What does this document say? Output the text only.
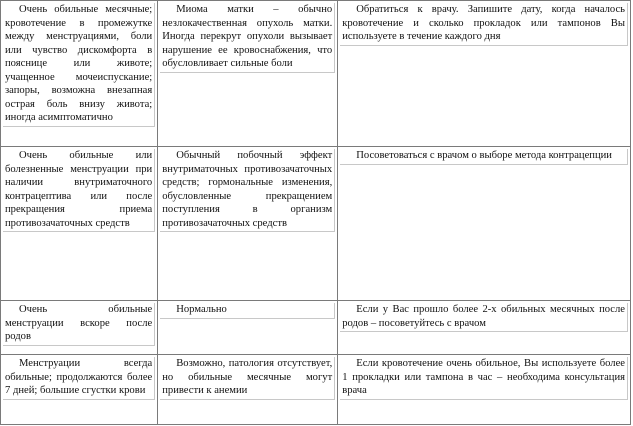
Очень обильные месячные; кровотечение в промежутке между менструациями, боли или чувство дискомфорта в пояснице или животе; учащенное мочеиспускание; запоры, возможна внезапная острая боль внизу живота; иногда асимптоматично	Миома матки – обычно незлокачественная опухоль матки. Иногда перекрут опухоли вызывает нарушение ее кровоснабжения, что обусловливает сильные боли	Обратиться к врачу. Запишите дату, когда началось кровотечение и сколько прокладок или тампонов Вы используете в течение каждого дня

Очень обильные или болезненные менструации при наличии внутриматочного контрацептива или после прекращения приема противозачаточных средств	Обычный побочный эффект внутриматочных противозачаточных средств; гормональные изменения, обусловленные прекращением поступления в организм противозачаточных средств	Посоветоваться с врачом о выборе метода контрацепции

Очень обильные менструации вскоре после родов	Нормально	Если у Вас прошло более 2-х обильных месячных после родов – посоветуйтесь с врачом

Менструации всегда обильные; продолжаются более 7 дней; большие сгустки крови	Возможно, патология отсутствует, но обильные месячные могут привести к анемии	Если кровотечение очень обильное, Вы используете более 1 прокладки или тампона в час – необходима консультация врача
